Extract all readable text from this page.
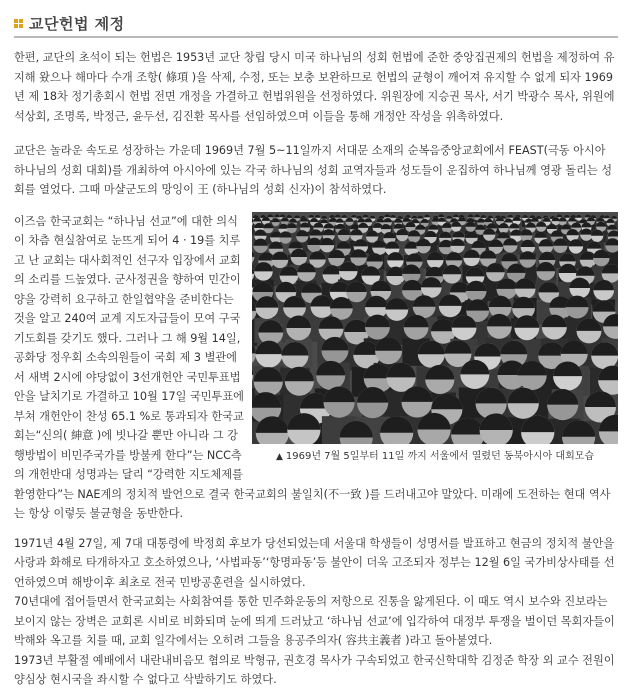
교단헌법 제정

한편, 교단의 초석이 되는 헌법은 1953년 교단 창립 당시 미국 하나님의 성회 헌법에 준한 중앙집권제의 헌법을 제정하여 유지해 왔으나 해마다 수개 조항( 條項 )을 삭제, 수정, 또는 보충 보완하므로 헌법의 균형이 깨어져 유지할 수 없게 되자 1969년 제 18차 정기총회시 헌법 전면 개정을 가결하고 헌법위원을 선정하였다. 위원장에 지승권 목사, 서기 박광수 목사, 위원에 석상회, 조명록, 박정근, 윤두선, 김진환 목사를 선임하였으며 이들을 통해 개정안 작성을 위촉하였다.

교단은 놀라운 속도로 성장하는 가운데 1969년 7월 5~11일까지 서대문 소재의 순복음중앙교회에서 FEAST(극동 아시아 하나님의 성회 대회)를 개최하여 아시아에 있는 각국 하나님의 성회 교역자들과 성도들이 운집하여 하나님께 영광 돌리는 성회를 열었다. 그때 마샬군도의 망잉이 王 (하나님의 성회 신자)이 참석하였다.

▲ 1969년 7월 5일부터 11일 까지 서울에서 열렸던 동북아시아 대회모습

이즈음 한국교회는 “하나님 선교”에 대한 의식이 차츰 현실참여로 눈뜨게 되어 4 · 19를 치루고 난 교회는 대사회적인 선구자 입장에서 교회의 소리를 드높였다. 군사정권을 향하여 민간이양을 강력히 요구하고 한일협약을 준비한다는 것을 알고 240여 교계 지도자급들이 모여 구국기도회를 갖기도 했다. 그러나 그 해 9월 14일, 공화당 정우회 소속의원들이 국회 제 3 별관에서 새벽 2시에 야당없이 3선개헌안 국민투표법안을 날치기로 가결하고 10월 17일 국민투표에 부쳐 개헌안이 찬성 65.1 %로 통과되자 한국교회는“신의( 紳意 )에 빗나갈 뿐만 아니라 그 강행방법이 비민주국가를 방불케 한다”는 NCC측의 개헌반대 성명과는 달리 “강력한 지도체제를 환영한다”는 NAE계의 정치적 발언으로 결국 한국교회의 불일치(不一致 )를 드러내고야 말았다. 미래에 도전하는 현대 역사는 항상 이렇듯 불균형을 동반한다.

1971년 4월 27일, 제 7대 대통령에 박정희 후보가 당선되었는데 서울대 학생들이 성명서를 발표하고 현금의 정치적 불안을 사랑과 화해로 타개하자고 호소하였으나, ‘사법파동’‘항명파동’등 불안이 더욱 고조되자 정부는 12월 6일 국가비상사태를 선언하였으며 해방이후 최초로 전국 민방공훈련을 실시하였다.

70년대에 접어들면서 한국교회는 사회참여를 통한 민주화운동의 저항으로 진통을 앓게된다. 이 때도 역시 보수와 진보라는 보이지 않는 장벽은 교회론 시비로 비화되며 눈에 띄게 드러났고 ‘하나님 선교’에 입각하여 대정부 투쟁을 벌이던 목회자들이 박해와 옥고를 치를 때, 교회 일각에서는 오히려 그들을 용공주의자( 容共主義者 )라고 돌아붙였다.

1973년 부활절 예배에서 내란내비음모 혐의로 박형규, 권호경 목사가 구속되었고 한국신학대학 김정준 학장 외 교수 전원이 양심상 현시국을 좌시할 수 없다고 삭발하기도 하였다.
